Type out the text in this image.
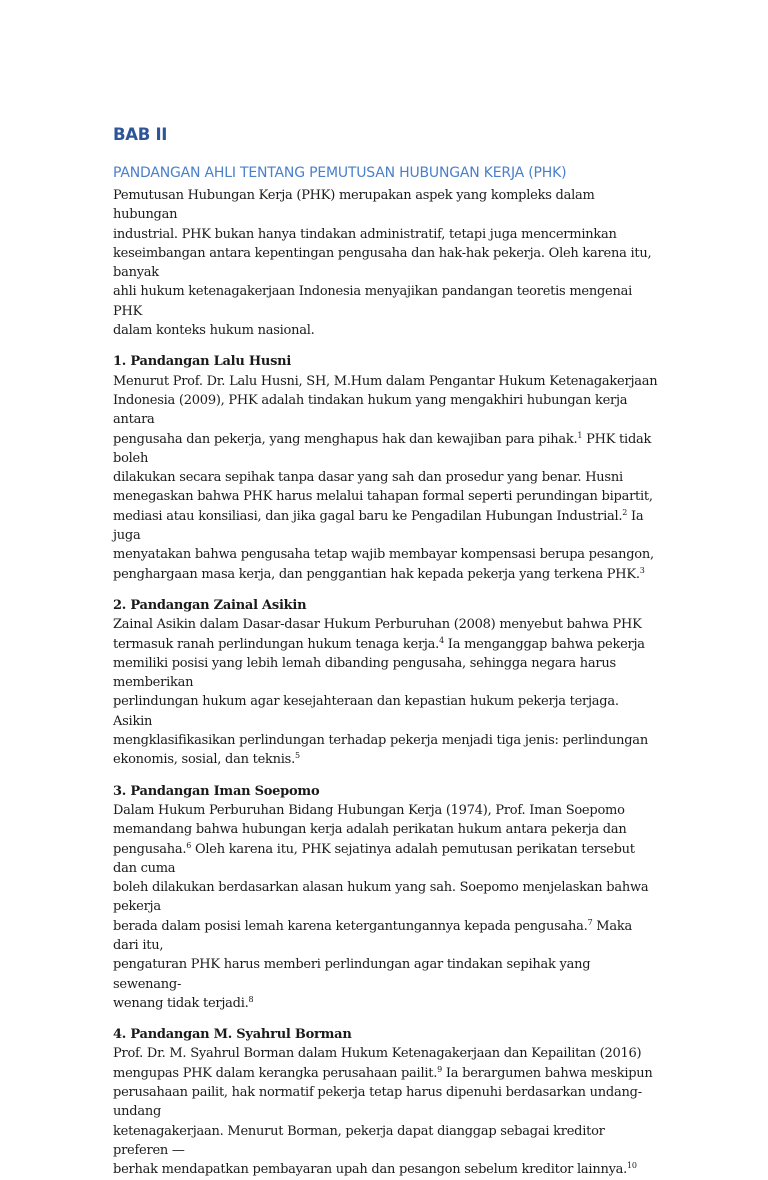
BAB II
PANDANGAN AHLI TENTANG PEMUTUSAN HUBUNGAN KERJA (PHK)

Pemutusan Hubungan Kerja (PHK) merupakan aspek yang kompleks dalam hubungan
industrial. PHK bukan hanya tindakan administratif, tetapi juga mencerminkan
keseimbangan antara kepentingan pengusaha dan hak-hak pekerja. Oleh karena itu, banyak
ahli hukum ketenagakerjaan Indonesia menyajikan pandangan teoretis mengenai PHK
dalam konteks hukum nasional.

1. Pandangan Lalu Husni

Menurut Prof. Dr. Lalu Husni, SH, M.Hum dalam Pengantar Hukum Ketenagakerjaan
Indonesia (2009), PHK adalah tindakan hukum yang mengakhiri hubungan kerja antara
pengusaha dan pekerja, yang menghapus hak dan kewajiban para pihak.$^1$ PHK tidak boleh
dilakukan secara sepihak tanpa dasar yang sah dan prosedur yang benar. Husni
menegaskan bahwa PHK harus melalui tahapan formal seperti perundingan bipartit,
mediasi atau konsiliasi, dan jika gagal baru ke Pengadilan Hubungan Industrial.$^2$ Ia juga
menyatakan bahwa pengusaha tetap wajib membayar kompensasi berupa pesangon,
penghargaan masa kerja, dan penggantian hak kepada pekerja yang terkena PHK.$^3$

2. Pandangan Zainal Asikin

Zainal Asikin dalam Dasar-dasar Hukum Perburuhan (2008) menyebut bahwa PHK
termasuk ranah perlindungan hukum tenaga kerja.$^4$ Ia menganggap bahwa pekerja
memiliki posisi yang lebih lemah dibanding pengusaha, sehingga negara harus memberikan
perlindungan hukum agar kesejahteraan dan kepastian hukum pekerja terjaga. Asikin
mengklasifikasikan perlindungan terhadap pekerja menjadi tiga jenis: perlindungan
ekonomis, sosial, dan teknis.$^5$

3. Pandangan Iman Soepomo

Dalam Hukum Perburuhan Bidang Hubungan Kerja (1974), Prof. Iman Soepomo
memandang bahwa hubungan kerja adalah perikatan hukum antara pekerja dan
pengusaha.$^6$ Oleh karena itu, PHK sejatinya adalah pemutusan perikatan tersebut dan cuma
boleh dilakukan berdasarkan alasan hukum yang sah. Soepomo menjelaskan bahwa pekerja
berada dalam posisi lemah karena ketergantungannya kepada pengusaha.$^7$ Maka dari itu,
pengaturan PHK harus memberi perlindungan agar tindakan sepihak yang sewenang-
wenang tidak terjadi.$^8$

4. Pandangan M. Syahrul Borman

Prof. Dr. M. Syahrul Borman dalam Hukum Ketenagakerjaan dan Kepailitan (2016)
mengupas PHK dalam kerangka perusahaan pailit.$^9$ Ia berargumen bahwa meskipun
perusahaan pailit, hak normatif pekerja tetap harus dipenuhi berdasarkan undang-undang
ketenagakerjaan. Menurut Borman, pekerja dapat dianggap sebagai kreditor preferen —
berhak mendapatkan pembayaran upah dan pesangon sebelum kreditor lainnya.$^{10}$
